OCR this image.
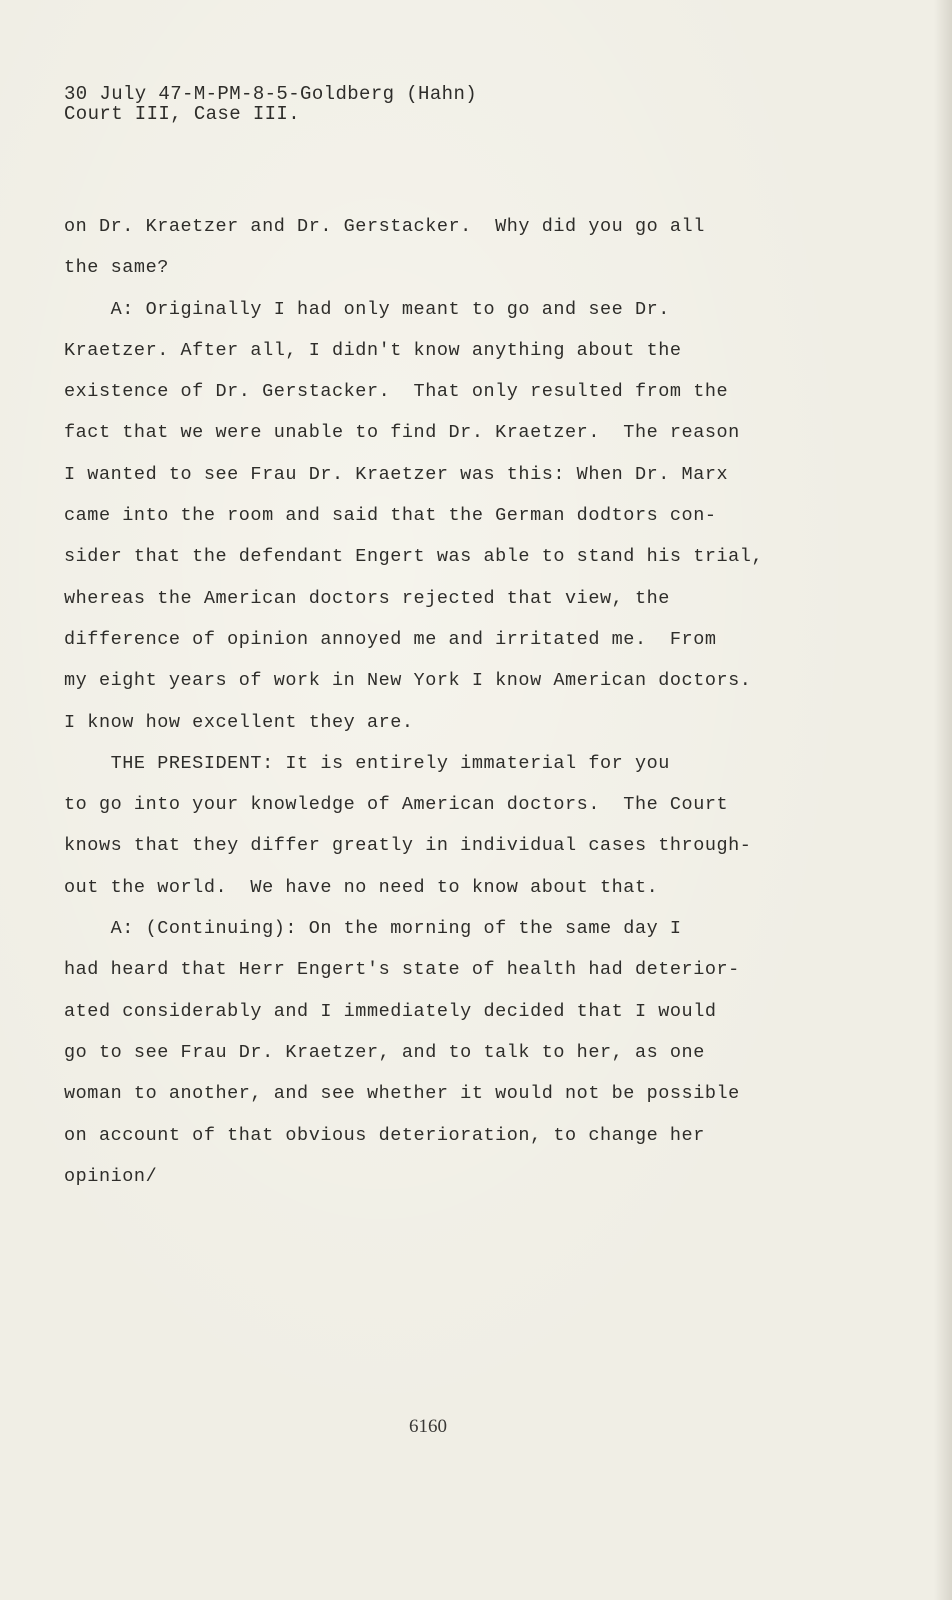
30 July 47-M-PM-8-5-Goldberg (Hahn)
Court III, Case III.
on Dr. Kraetzer and Dr. Gerstacker.  Why did you go all
the same?
A: Originally I had only meant to go and see Dr.
Kraetzer. After all, I didn't know anything about the
existence of Dr. Gerstacker.  That only resulted from the
fact that we were unable to find Dr. Kraetzer.  The reason
I wanted to see Frau Dr. Kraetzer was this: When Dr. Marx
came into the room and said that the German dodtors con-
sider that the defendant Engert was able to stand his trial,
whereas the American doctors rejected that view, the
difference of opinion annoyed me and irritated me.  From
my eight years of work in New York I know American doctors.
I know how excellent they are.
THE PRESIDENT: It is entirely immaterial for you
to go into your knowledge of American doctors.  The Court
knows that they differ greatly in individual cases through-
out the world.  We have no need to know about that.
A: (Continuing): On the morning of the same day I
had heard that Herr Engert's state of health had deterior-
ated considerably and I immediately decided that I would
go to see Frau Dr. Kraetzer, and to talk to her, as one
woman to another, and see whether it would not be possible
on account of that obvious deterioration, to change her
opinion/
6160
